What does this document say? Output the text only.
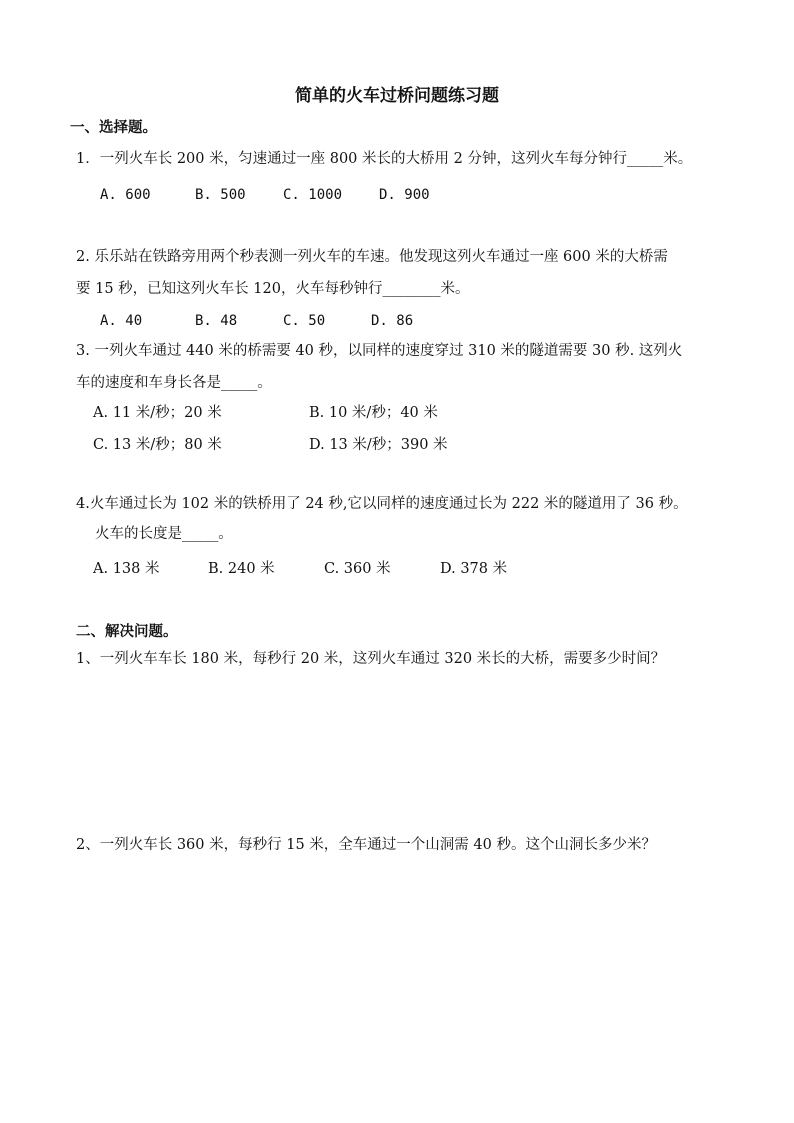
简单的火车过桥问题练习题
一、选择题。
1．一列火车长 200 米，匀速通过一座 800 米长的大桥用 2 分钟，这列火车每分钟行_____米。
A. 600	B. 500	C. 1000	D. 900
2. 乐乐站在铁路旁用两个秒表测一列火车的车速。他发现这列火车通过一座 600 米的大桥需
要 15 秒，已知这列火车长 120，火车每秒钟行________米。
A. 40	B. 48	C. 50	D. 86
3. 一列火车通过 440 米的桥需要 40 秒，以同样的速度穿过 310 米的隧道需要 30 秒. 这列火
车的速度和车身长各是_____。
A. 11 米/秒；20 米	B. 10 米/秒；40 米
C. 13 米/秒；80 米	D. 13 米/秒；390 米
4.火车通过长为 102 米的铁桥用了 24 秒,它以同样的速度通过长为 222 米的隧道用了 36 秒。
火车的长度是_____。
A. 138 米	B. 240 米	C. 360 米	D. 378 米
二、解决问题。
1、一列火车车长 180 米，每秒行 20 米，这列火车通过 320 米长的大桥，需要多少时间？
2、一列火车长 360 米，每秒行 15 米，全车通过一个山洞需 40 秒。这个山洞长多少米？
